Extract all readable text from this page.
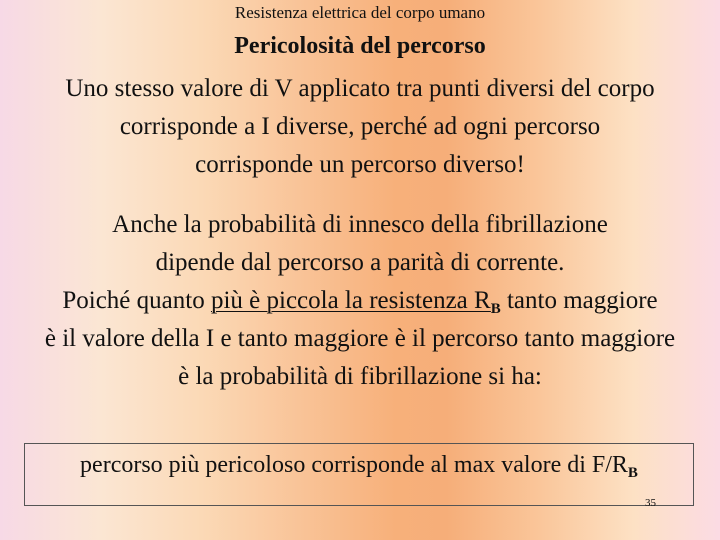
Resistenza elettrica del corpo umano
Pericolosità del percorso
Uno stesso valore di V applicato tra punti diversi del corpo
corrisponde a I diverse, perché ad ogni percorso
corrisponde un percorso diverso!
Anche la probabilità di innesco della fibrillazione
dipende dal percorso a parità di corrente.
Poiché quanto più è piccola la resistenza $R_B$ tanto maggiore
è il valore della I e tanto maggiore è il percorso tanto maggiore
è la probabilità di fibrillazione si ha:
percorso più pericoloso corrisponde al max valore di $F/R_B$
35
